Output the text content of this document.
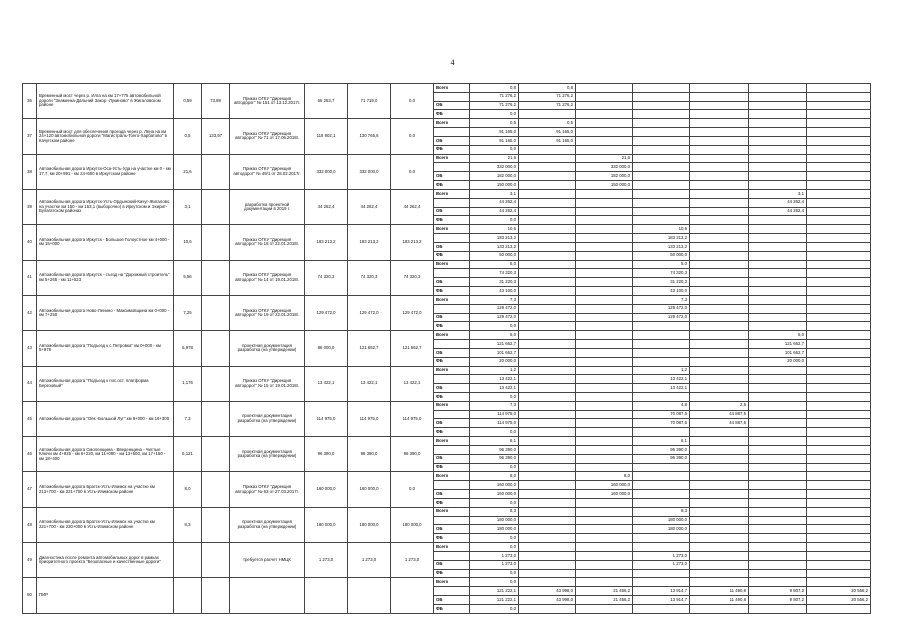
4
36	Временный мост через р. Илга на км 17+775 автомобильной дороги "Знаменка-Дальний Закор -Лукиново" в Жигаловском районе	0,59	73,89	Приказ ОГКУ "Дирекция автодорог" № 151 от 13.12.2017г.	65 253,7	71 719,0	0,0	Всего	0,8	0,8					
									71 276,2	71 276,2					
								ОБ	71 276,2	71 276,2					
								ФБ	0,0						
37	Временный мост для обеспечения проезда через р. Лена на км 24+120 автомобильной дороги "Магистраль-Тонго-Харбатово" в Качугском районе	0,5	133,97	Приказ ОГКУ "Дирекция автодорог" № 71 от 17.06.2018г.	118 902,1	130 765,6	0,0	Всего	0,5	0,5					
									91 165,0	91 165,0					
								ОБ	91 165,0	91 165,0					
								ФБ	0,0						
38	Автомобильная дорога Иркутск-Оса-Усть-Уда на участке км 0 - км 17,7, км 20+991 - км 24+600 в Иркутском районе	21,6		Приказ ОГКУ "Дирекция автодорог" № 49/1 от 28.02.2017г.	332 000,0	332 000,0	0,0	Всего	21,6		21,6				
									332 000,0		332 000,0				
								ОБ	182 000,0		182 000,0				
								ФБ	150 000,0		150 000,0				
39	Автомобильная дорога Иркутск-Усть-Ордынский-Качуг-Жигалово на участке км 150 - км 153,1 (выборочно) в Иркутском и Эхирит-Булагатском районах	3,1		разработка проектной документации в 2019 г.	44 262,4	44 262,4	44 262,4	Всего	3,1					3,1	
									44 262,4					44 262,4	
								ОБ	44 262,4					44 262,4	
								ФБ	0,0						
40	Автомобильная дорога Иркутск - Большое Голоустное км 4+000 - км 15+000	10,6		Приказ ОГКУ "Дирекция автодорог" № 18 от 22.01.2018г.	183 213,2	183 213,2	183 213,2	Всего	10,6			10,6			
									183 213,2			183 213,2			
								ОБ	133 213,2			133 213,2			
								ФБ	50 000,0			50 000,0			
41	Автомобильная дорога Иркутск - съезд на "Дорожный строитель" км 5+265 - км 11+523	5,56		Приказ ОГКУ "Дирекция автодорог" № 14 от 19.01.2018г.	74 320,3	74 320,3	74 320,3	Всего	5,0			5,0			
									74 320,3			74 320,3			
								ОБ	31 220,3			31 220,3			
								ФБ	43 100,0			43 100,0			
42	Автомобильная дорога Ново-Ленино - Максимовщина км 0+000 - км 7+250	7,25		Приказ ОГКУ "Дирекция автодорог" № 19 от 22.01.2018г.	129 472,0	129 472,0	129 472,0	Всего	7,3			7,3			
									129 472,0			129 472,0			
								ОБ	129 472,0			129 472,0			
								ФБ	0,0						
43	Автомобильная дорога "Подъезд к с.Петровка" км 0+000 - км 5+978	5,978		проектная документация разработка (на утверждении)	86 000,0	121 662,7	121 662,7	Всего	6,0					6,0	
									121 662,7					121 662,7	
								ОБ	101 662,7					101 662,7	
								ФБ	20 000,0					20 000,0	
44	Автомобильная дорога "Подъезд к пос.ост. платформа Березовый"	1,176		Приказ ОГКУ "Дирекция автодорог" № 15 от 19.01.2018г.	13 422,1	13 422,1	13 422,1	Всего	1,2			1,2			
									13 422,1			13 422,1			
								ОБ	13 422,1			13 422,1			
								ФБ	0,0						
45	Автомобильная дорога "Оёк -Большой Луг" км 9+000 - км 16+300	7,3		проектная документация разработка (на утверждении)	114 975,0	114 975,0	114 975,0	Всего	7,3			4,8	2,5		
									114 975,0			70 087,5	44 887,5		
								ОБ	114 975,0			70 087,5	44 887,5		
								ФБ	0,0						
46	Автомобильная дорога Смоленщина - Введенщина - Чистые Ключи км 4+925 - км 6+220, км 11+090 - км 13+500, км 17+150 - км 18+400	6,121		проектная документация разработка (на утверждении)	96 390,0	96 390,0	96 390,0	Всего	6,1			6,1			
									96 390,0			96 390,0			
								ОБ	96 390,0			96 390,0			
								ФБ	0,0						
47	Автомобильная дорога Братск-Усть-Илимск на участке км 213+700 - км 221+700 в Усть-Илимском районе	8,0		Приказ ОГКУ "Дирекция автодорог" № 63 от 27.03.2017г.	160 000,0	160 000,0	0,0	Всего	8,0		8,0				
									160 000,0		160 000,0				
								ОБ	160 000,0		160 000,0				
								ФБ	0,0						
48	Автомобильная дорога Братск-Усть-Илимск на участке км 221+700 - км 230+000 в Усть-Илимском районе	8,3		проектная документация разработка (на утверждении)	180 000,0	180 000,0	180 000,0	Всего	8,3			8,3			
									180 000,0			180 000,0			
								ОБ	180 000,0			180 000,0			
								ФБ	0,0						
49	Диагностика после ремонта автомобильных дорог в рамках приоритетного проекта "Безопасные и качественные дороги"			требуется расчет НМЦК	1 273,0	1 273,0	1 273,0	Всего	0,0						
									1 273,0			1 273,0			
								ОБ	1 273,0			1 273,0			
								ФБ	0,0						
50	ПИР							Всего	0,0						
									121 222,1	43 998,0	21 456,2	13 914,7	11 490,8	9 807,2	20 556,2
								ОБ	121 222,1	43 998,0	21 456,2	13 914,7	11 490,8	9 807,2	20 556,2
								ФБ	0,0						
